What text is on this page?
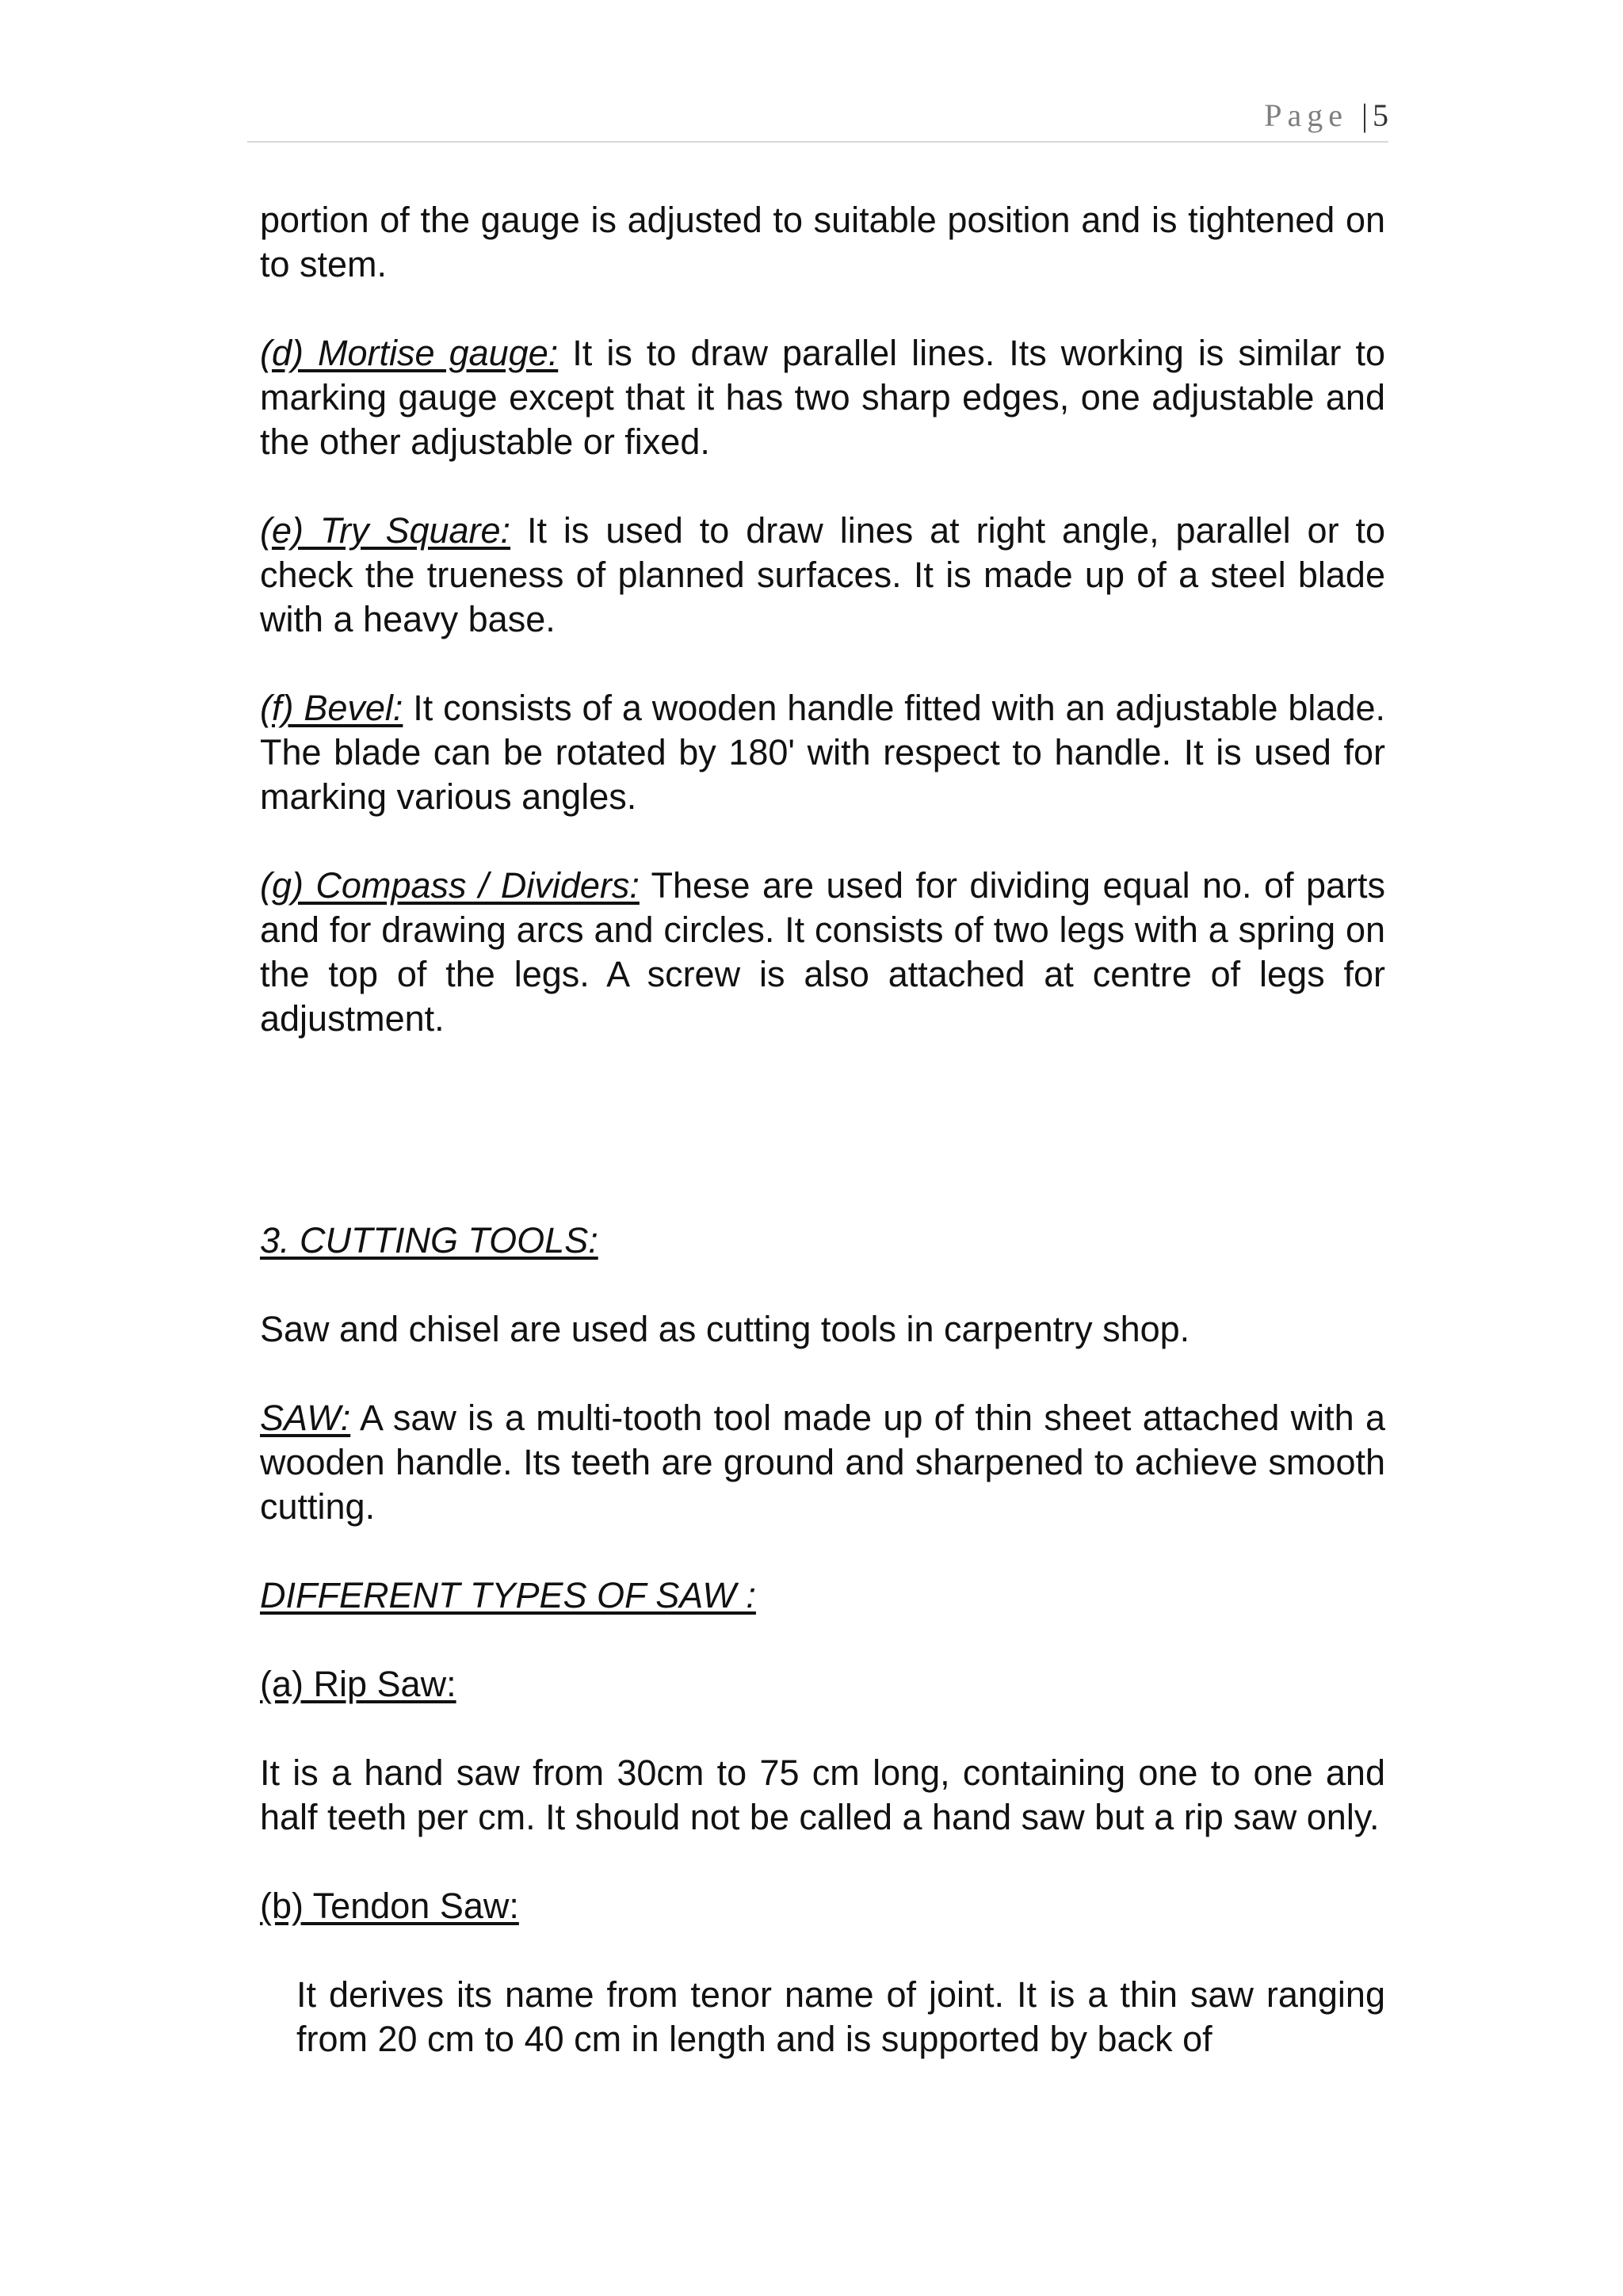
Page | 5

portion of the gauge is adjusted to suitable position and is tightened on to stem.

(d) Mortise gauge: It is to draw parallel lines. Its working is similar to marking gauge except that it has two sharp edges, one adjustable and the other adjustable or fixed.

(e) Try Square: It is used to draw lines at right angle, parallel or to check the trueness of planned surfaces. It is made up of a steel blade with a heavy base.

(f) Bevel: It consists of a wooden handle fitted with an adjustable blade. The blade can be rotated by 180' with respect to handle. It is used for marking various angles.

(g) Compass / Dividers: These are used for dividing equal no. of parts and for drawing arcs and circles. It consists of two legs with a spring on the top of the legs. A screw is also attached at centre of legs for adjustment.

3. CUTTING TOOLS:

Saw and chisel are used as cutting tools in carpentry shop.

SAW: A saw is a multi-tooth tool made up of thin sheet attached with a wooden handle. Its teeth are ground and sharpened to achieve smooth cutting.

DIFFERENT TYPES OF SAW :

(a) Rip Saw:

It is a hand saw from 30cm to 75 cm long, containing one to one and half teeth per cm. It should not be called a hand saw but a rip saw only.

(b) Tendon Saw:

It derives its name from tenor name of joint. It is a thin saw ranging from 20 cm to 40 cm in length and is supported by back of
